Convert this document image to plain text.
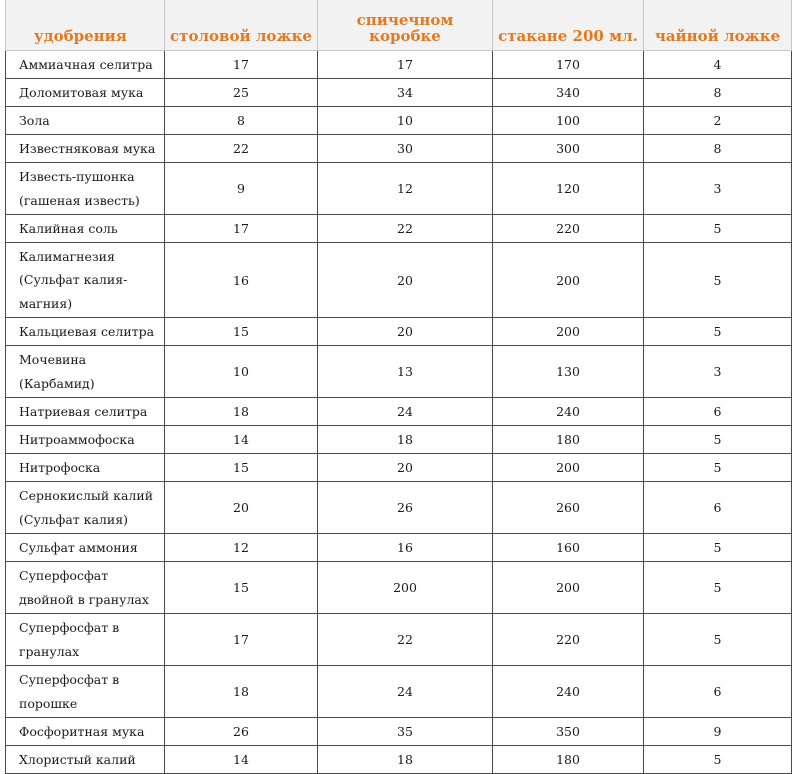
удобрения	столовой ложке	спичечном коробке	стакане 200 мл.	чайной ложке

Аммиачная селитра	17	17	170	4

Доломитовая мука	25	34	340	8

Зола	8	10	100	2

Известняковая мука	22	30	300	8

Известь-пушонка
(гашеная известь)	9	12	120	3

Калийная соль	17	22	220	5

Калимагнезия
(Сульфат калия-
магния)	16	20	200	5

Кальциевая селитра	15	20	200	5

Мочевина
(Карбамид)	10	13	130	3

Натриевая селитра	18	24	240	6

Нитроаммофоска	14	18	180	5

Нитрофоска	15	20	200	5

Сернокислый калий
(Сульфат калия)	20	26	260	6

Сульфат аммония	12	16	160	5

Суперфосфат
двойной в гранулах	15	200	200	5

Суперфосфат в
гранулах	17	22	220	5

Суперфосфат в
порошке	18	24	240	6

Фосфоритная мука	26	35	350	9

Хлористый калий	14	18	180	5
